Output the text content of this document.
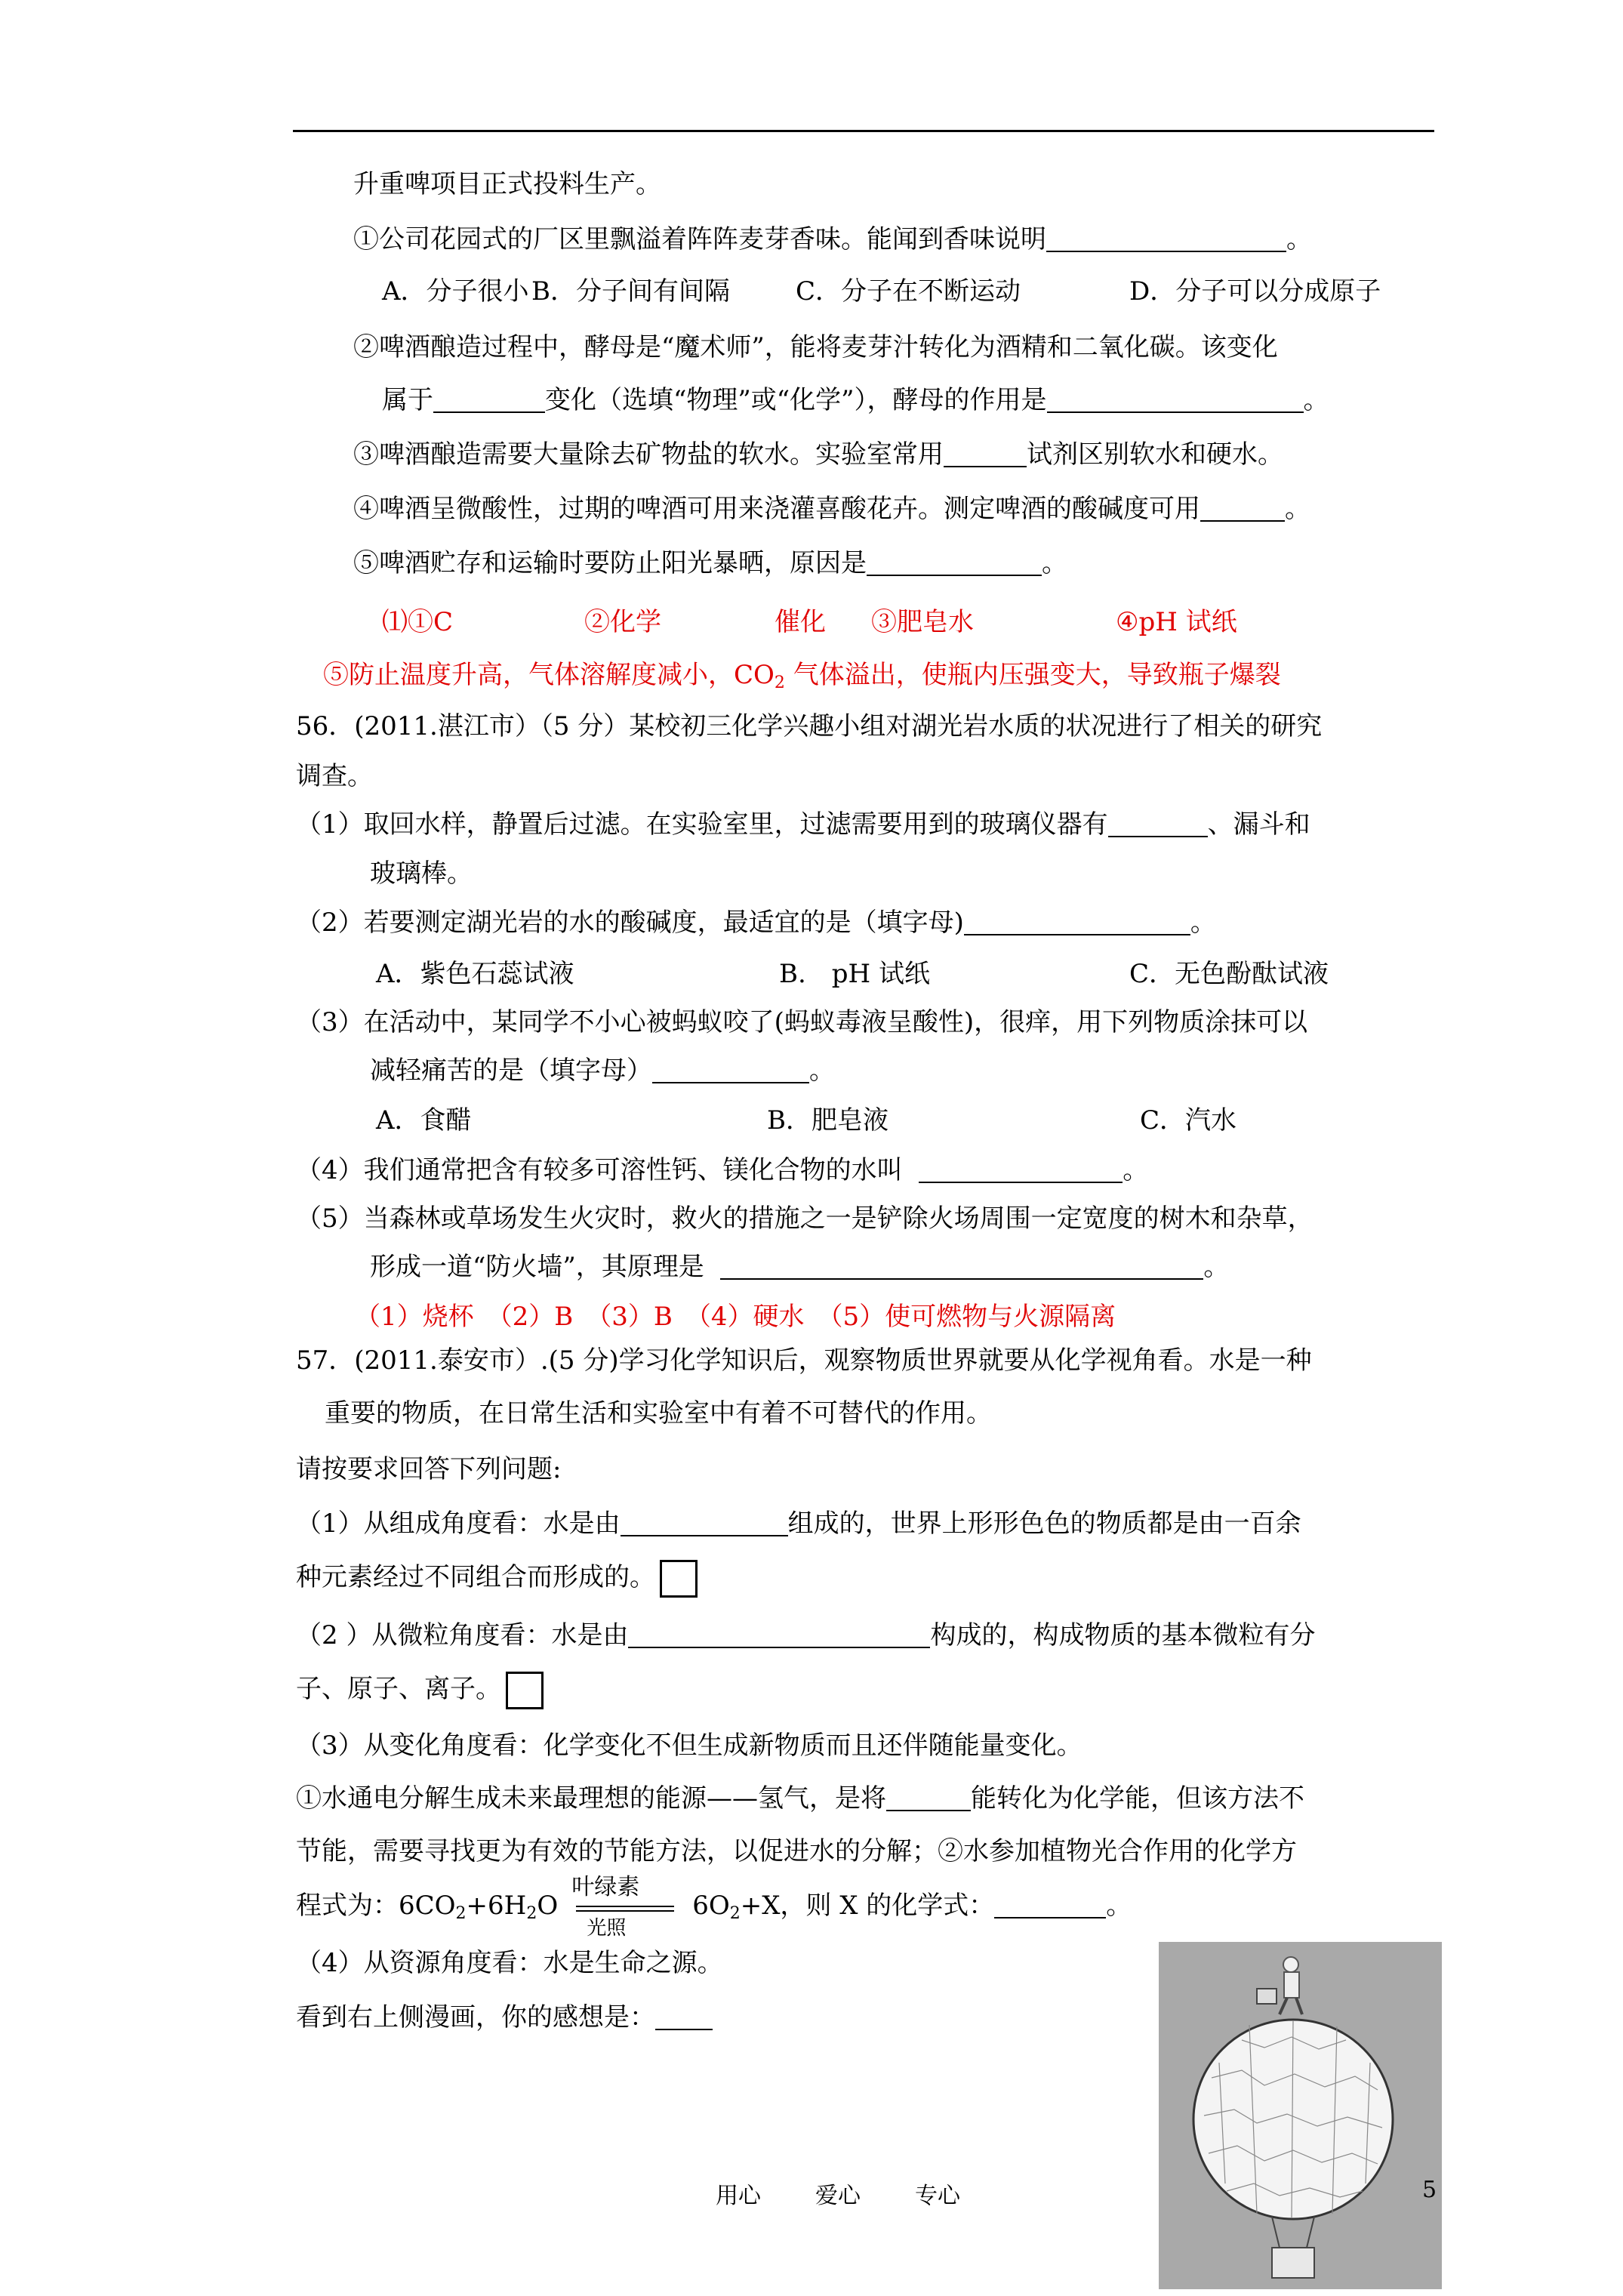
升重啤项目正式投料生产。
①公司花园式的厂区里飘溢着阵阵麦芽香味。能闻到香味说明	。
A．分子很小 B．分子间有间隔	C．分子在不断运动	D．分子可以分成原子
②啤酒酿造过程中，酵母是“魔术师”，能将麦芽汁转化为酒精和二氧化碳。该变化
属于	变化（选填“物理”或“化学”），酵母的作用是	。
③啤酒酿造需要大量除去矿物盐的软水。实验室常用	试剂区别软水和硬水。
④啤酒呈微酸性，过期的啤酒可用来浇灌喜酸花卉。测定啤酒的酸碱度可用	。
⑤啤酒贮存和运输时要防止阳光暴晒，原因是	。
⑴①C	②化学	催化 ③肥皂水	④pH 试纸
⑤防止温度升高，气体溶解度减小，$CO_2$ 气体溢出，使瓶内压强变大，导致瓶子爆裂
56．(2011.湛江市）（5 分）某校初三化学兴趣小组对湖光岩水质的状况进行了相关的研究
调查。
（1）取回水样，静置后过滤。在实验室里，过滤需要用到的玻璃仪器有	、漏斗和
玻璃棒。
（2）若要测定湖光岩的水的酸碱度，最适宜的是（填字母)	。
A．紫色石蕊试液	B.　pH 试纸	C．无色酚酞试液
（3）在活动中，某同学不小心被蚂蚁咬了(蚂蚁毒液呈酸性)，很痒，用下列物质涂抹可以
减轻痛苦的是（填字母）	。
A．食醋	B．肥皂液	C．汽水
（4）我们通常把含有较多可溶性钙、镁化合物的水叫	。
（5）当森林或草场发生火灾时，救火的措施之一是铲除火场周围一定宽度的树木和杂草，
形成一道“防火墙”，其原理是	。
（1）烧杯　（2）B　（3）B　（4）硬水　（5）使可燃物与火源隔离
57．(2011.泰安市）.(5 分)学习化学知识后，观察物质世界就要从化学视角看。水是一种
重要的物质，在日常生活和实验室中有着不可替代的作用。
请按要求回答下列问题:
（1）从组成角度看：水是由	组成的，世界上形形色色的物质都是由一百余
种元素经过不同组合而形成的。
（2 ）从微粒角度看：水是由	构成的，构成物质的基本微粒有分
子、原子、离子。
（3）从变化角度看：化学变化不但生成新物质而且还伴随能量变化。
①水通电分解生成未来最理想的能源——氢气，是将	能转化为化学能，但该方法不
节能，需要寻找更为有效的节能方法，以促进水的分解；②水参加植物光合作用的化学方
程式为：$6CO_2+6H_2O$
叶绿素
光照
$6O_2+X$，则 X 的化学式：	。
（4）从资源角度看：水是生命之源。
看到右上侧漫画，你的感想是：
用心 爱心 专心	5
